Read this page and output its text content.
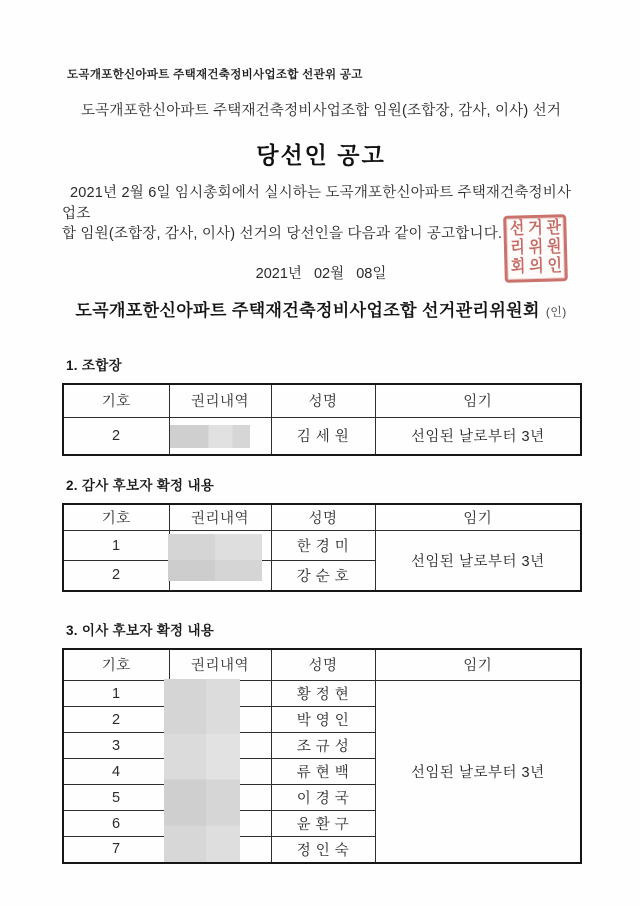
도곡개포한신아파트 주택재건축정비사업조합 선관위 공고
도곡개포한신아파트 주택재건축정비사업조합 임원(조합장, 감사, 이사) 선거
당선인 공고
2021년 2월 6일 임시총회에서 실시하는 도곡개포한신아파트 주택재건축정비사업조
합 임원(조합장, 감사, 이사) 선거의 당선인을 다음과 같이 공고합니다.
2021년   02월   08일
도곡개포한신아파트 주택재건축정비사업조합 선거관리위원회 (인)
선 거 관
리 위 원
회 의 인
1. 조합장
기호	권리내역	성명	임기
2		김 세 원	선임된 날로부터 3년
2. 감사 후보자 확정 내용
기호	권리내역	성명	임기
1		한 경 미	선임된 날로부터 3년
2		강 순 호	
3. 이사 후보자 확정 내용
기호	권리내역	성명	임기
1		황 정 현	선임된 날로부터 3년
2		박 영 인	
3		조 규 성	
4		류 현 백	
5		이 경 국	
6		윤 환 구	
7		정 인 숙	
